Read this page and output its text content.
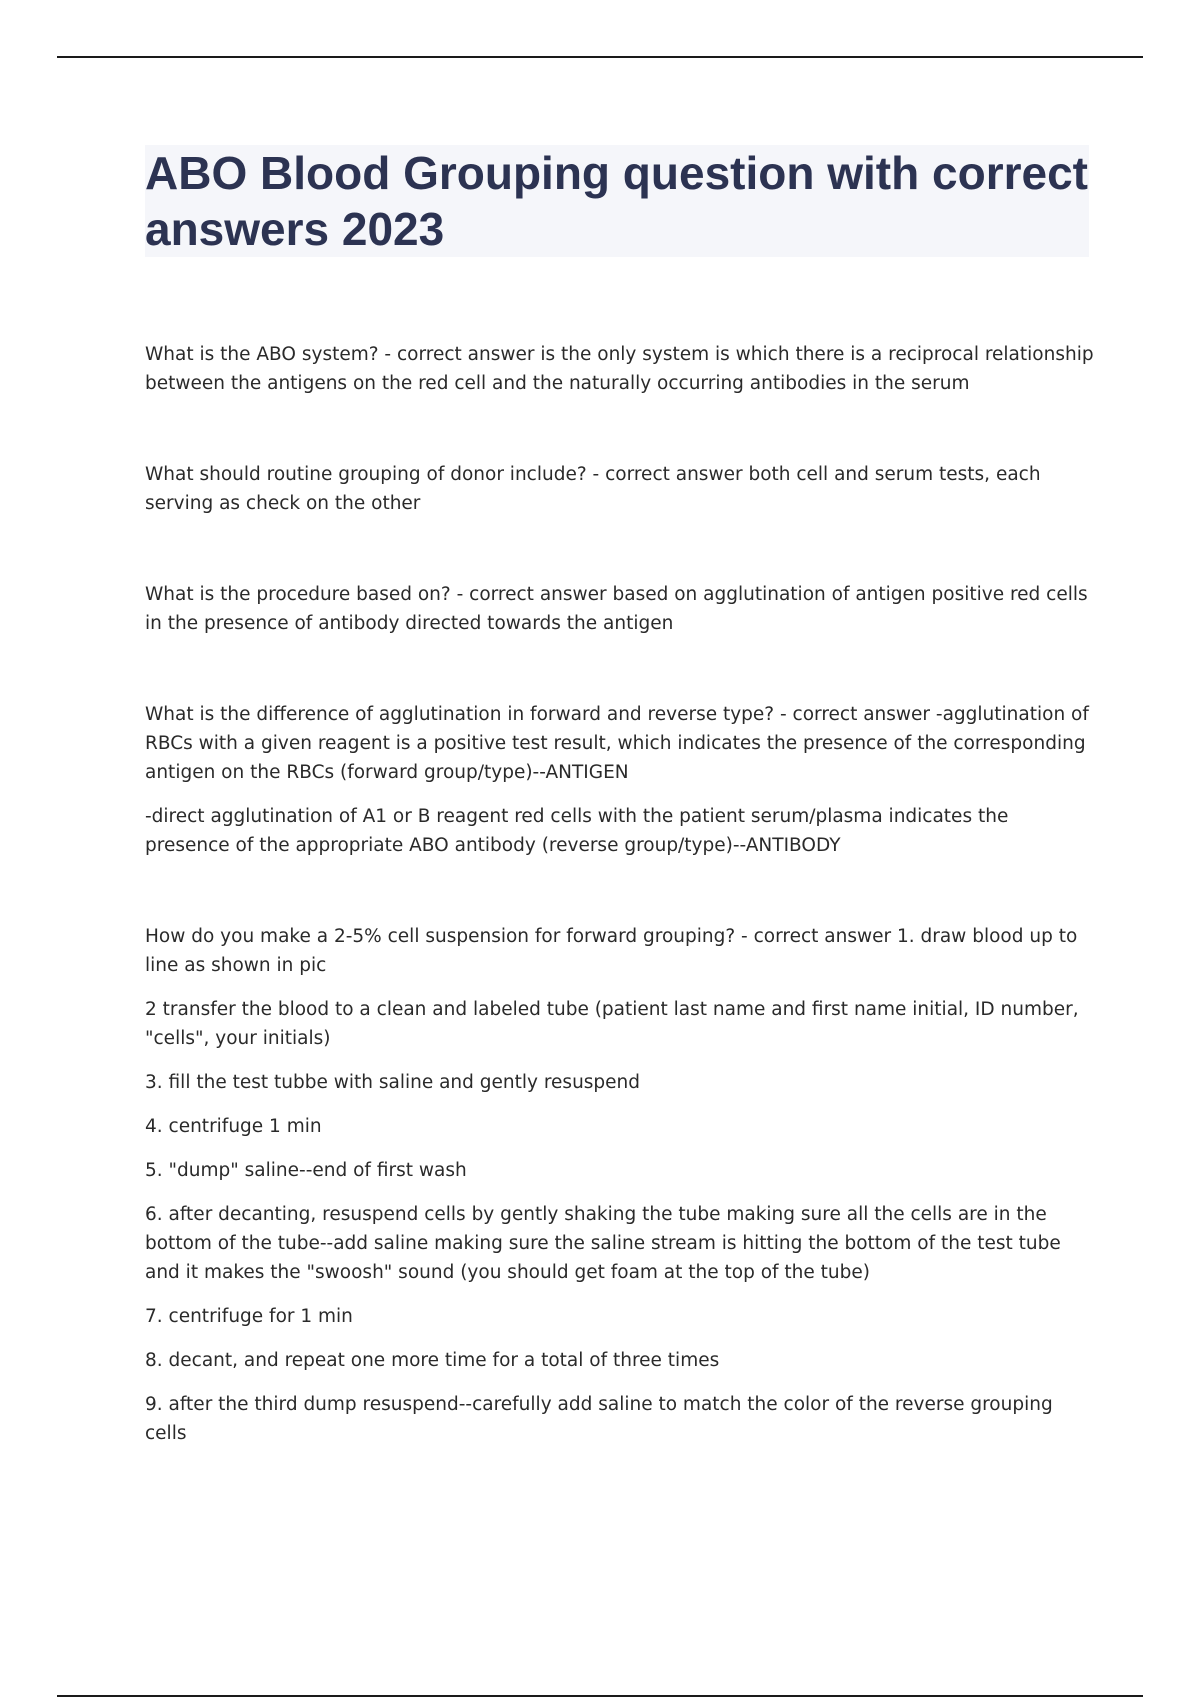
ABO Blood Grouping question with correct answers 2023

What is the ABO system? - correct answer is the only system is which there is a reciprocal relationship between the antigens on the red cell and the naturally occurring antibodies in the serum

What should routine grouping of donor include? - correct answer both cell and serum tests, each serving as check on the other

What is the procedure based on? - correct answer based on agglutination of antigen positive red cells in the presence of antibody directed towards the antigen

What is the difference of agglutination in forward and reverse type? - correct answer -agglutination of RBCs with a given reagent is a positive test result, which indicates the presence of the corresponding antigen on the RBCs (forward group/type)--ANTIGEN

-direct agglutination of A1 or B reagent red cells with the patient serum/plasma indicates the presence of the appropriate ABO antibody (reverse group/type)--ANTIBODY

How do you make a 2-5% cell suspension for forward grouping? - correct answer 1. draw blood up to line as shown in pic

2 transfer the blood to a clean and labeled tube (patient last name and first name initial, ID number, "cells", your initials)

3. fill the test tubbe with saline and gently resuspend

4. centrifuge 1 min

5. "dump" saline--end of first wash

6. after decanting, resuspend cells by gently shaking the tube making sure all the cells are in the bottom of the tube--add saline making sure the saline stream is hitting the bottom of the test tube and it makes the "swoosh" sound (you should get foam at the top of the tube)

7. centrifuge for 1 min

8. decant, and repeat one more time for a total of three times

9. after the third dump resuspend--carefully add saline to match the color of the reverse grouping cells
